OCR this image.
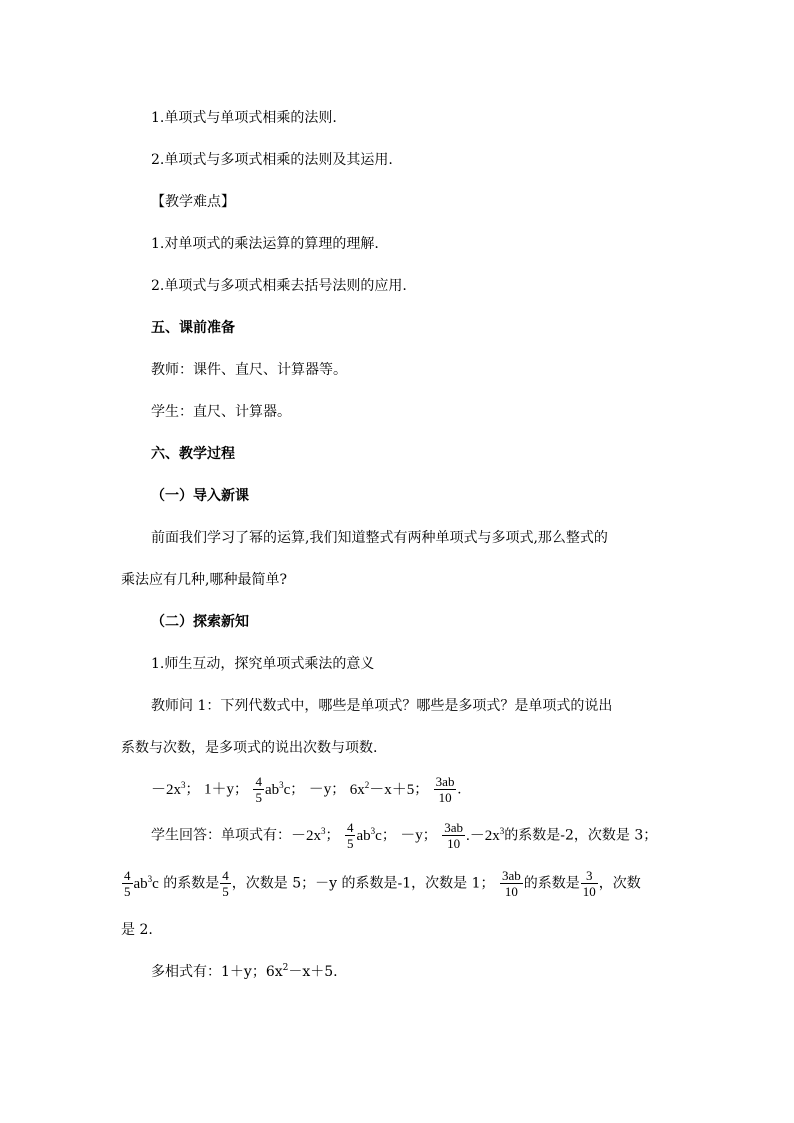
1.单项式与单项式相乘的法则.
2.单项式与多项式相乘的法则及其运用.
【教学难点】
1.对单项式的乘法运算的算理的理解.
2.单项式与多项式相乘去括号法则的应用.
五、课前准备
教师：课件、直尺、计算器等。
学生：直尺、计算器。
六、教学过程
（一）导入新课
前面我们学习了幂的运算,我们知道整式有两种单项式与多项式,那么整式的
乘法应有几种,哪种最简单?
（二）探索新知
1.师生互动，探究单项式乘法的意义
教师问 1：下列代数式中，哪些是单项式？哪些是多项式？是单项式的说出
系数与次数，是多项式的说出次数与项数.
$-2x^3$； 1＋y； $\frac{4}{5} ab^3c$； －y； $6x^2-x+5$； $\frac{3ab}{10}$ .
学生回答：单项式有：$-2x^3$； $\frac{4}{5} ab^3c$； －y； $\frac{3ab}{10} .-2x^3$的系数是-2，次数是 3；
$\frac{4}{5} ab^3c$ 的系数是 $\frac{4}{5}$ ，次数是 5；－y 的系数是-1，次数是 1； $\frac{3ab}{10}$ 的系数是 $\frac{3}{10}$ ，次数
是 2.
多相式有：1＋y；$6x^2-x+5$.
